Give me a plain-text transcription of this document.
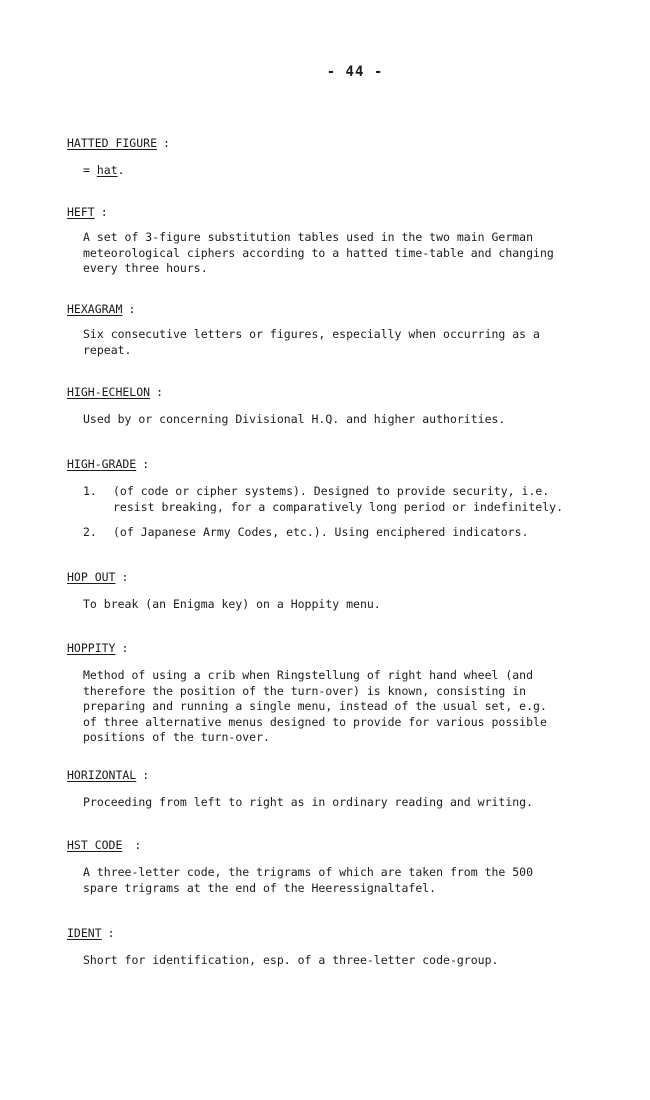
- 44 -
HATTED FIGURE :
= hat.
HEFT :
A set of 3-figure substitution tables used in the two main German
meteorological ciphers according to a hatted time-table and changing
every three hours.
HEXAGRAM :
Six consecutive letters or figures, especially when occurring as a
repeat.
HIGH-ECHELON :
Used by or concerning Divisional H.Q. and higher authorities.
HIGH-GRADE :
1. (of code or cipher systems). Designed to provide security, i.e.
resist breaking, for a comparatively long period or indefinitely.
2. (of Japanese Army Codes, etc.). Using enciphered indicators.
HOP OUT :
To break (an Enigma key) on a Hoppity menu.
HOPPITY :
Method of using a crib when Ringstellung of right hand wheel (and
therefore the position of the turn-over) is known, consisting in
preparing and running a single menu, instead of the usual set, e.g.
of three alternative menus designed to provide for various possible
positions of the turn-over.
HORIZONTAL :
Proceeding from left to right as in ordinary reading and writing.
HST CODE :
A three-letter code, the trigrams of which are taken from the 500
spare trigrams at the end of the Heeressignaltafel.
IDENT :
Short for identification, esp. of a three-letter code-group.
